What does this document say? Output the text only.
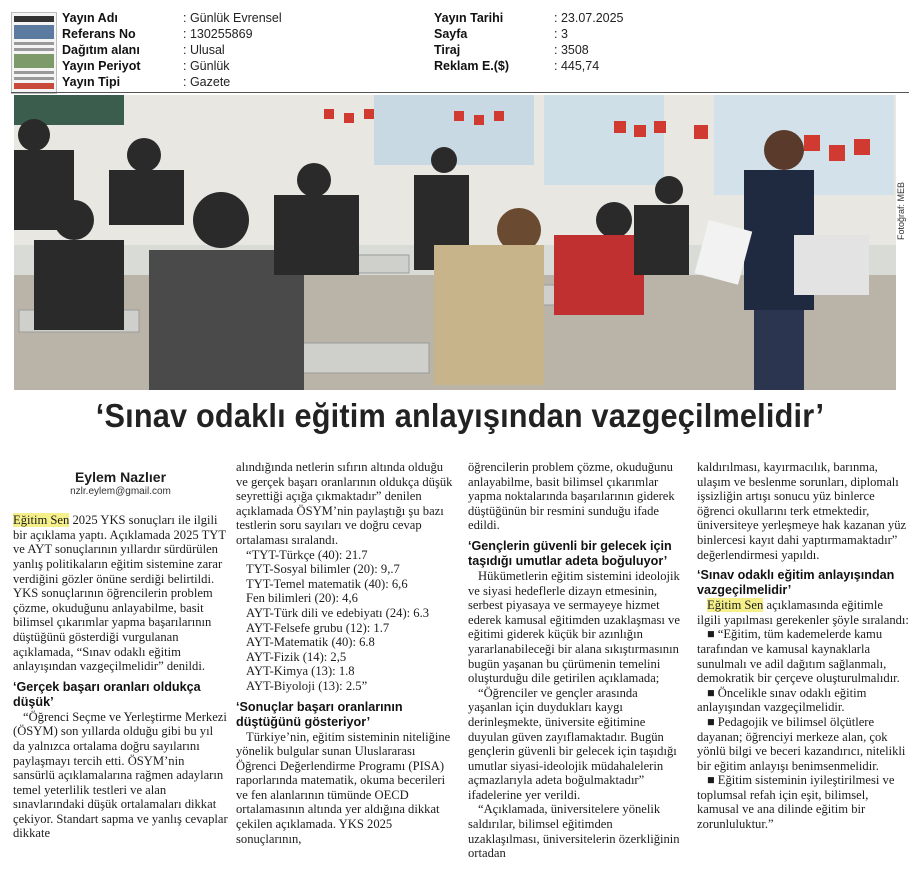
Yayın Adı
Referans No
Dağıtım alanı
Yayın Periyot
Yayın Tipi
: Günlük Evrensel
: 130255869
: Ulusal
: Günlük
: Gazete
Yayın Tarihi
Sayfa
Tiraj
Reklam E.($)
: 23.07.2025
: 3
: 3508
: 445,74
Fotoğraf: MEB
‘Sınav odaklı eğitim anlayışından vazgeçilmelidir’
Eylem Nazlıer
nzlr.eylem@gmail.com

Eğitim Sen 2025 YKS sonuçları ile ilgili bir açıklama yaptı. Açıklamada 2025 TYT ve AYT sonuçlarının yıllardır sürdürülen yanlış politikaların eğitim sistemine zarar verdiğini gözler önüne serdiği belirtildi. YKS sonuçlarının öğrencilerin problem çözme, okuduğunu anlayabilme, basit bilimsel çıkarımlar yapma başarılarının düştüğünü gösterdiği vurgulanan açıklamada, “Sınav odaklı eğitim anlayışından vazgeçilmelidir” denildi.

‘Gerçek başarı oranları oldukça düşük’

“Öğrenci Seçme ve Yerleştirme Merkezi (ÖSYM) son yıllarda olduğu gibi bu yıl da yalnızca ortalama doğru sayılarını paylaşmayı tercih etti. ÖSYM’nin sansürlü açıklamalarına rağmen adayların temel yeterlilik testleri ve alan sınavlarındaki düşük ortalamaları dikkat çekiyor. Standart sapma ve yanlış cevaplar dikkate

alındığında netlerin sıfırın altında olduğu ve gerçek başarı oranlarının oldukça düşük seyrettiği açığa çıkmaktadır” denilen açıklamada ÖSYM’nin paylaştığı şu bazı testlerin soru sayıları ve doğru cevap ortalaması sıralandı.

“TYT-Türkçe (40): 21.7

TYT-Sosyal bilimler (20): 9,.7

TYT-Temel matematik (40): 6,6

Fen bilimleri (20): 4,6

AYT-Türk dili ve edebiyatı (24): 6.3

AYT-Felsefe grubu (12): 1.7

AYT-Matematik (40): 6.8

AYT-Fizik (14): 2,5

AYT-Kimya (13): 1.8

AYT-Biyoloji (13): 2.5”

‘Sonuçlar başarı oranlarının düştüğünü gösteriyor’

Türkiye’nin, eğitim sisteminin niteliğine yönelik bulgular sunan Uluslararası Öğrenci Değerlendirme Programı (PISA) raporlarında matematik, okuma becerileri ve fen alanlarının tümünde OECD ortalamasının altında yer aldığına dikkat çekilen açıklamada. YKS 2025 sonuçlarının,

öğrencilerin problem çözme, okuduğunu anlayabilme, basit bilimsel çıkarımlar yapma noktalarında başarılarının giderek düştüğünün bir resmini sunduğu ifade edildi.

‘Gençlerin güvenli bir gelecek için taşıdığı umutlar adeta boğuluyor’

Hükümetlerin eğitim sistemini ideolojik ve siyasi hedeflerle dizayn etmesinin, serbest piyasaya ve sermayeye hizmet ederek kamusal eğitimden uzaklaşması ve eğitimi giderek küçük bir azınlığın yararlanabileceği bir alana sıkıştırmasının bugün yaşanan bu çürümenin temelini oluşturduğu dile getirilen açıklamada;

“Öğrenciler ve gençler arasında yaşanlan için duydukları kaygı derinleşmekte, üniversite eğitimine duyulan güven zayıflamaktadır. Bugün gençlerin güvenli bir gelecek için taşıdığı umutlar siyasi-ideolojik müdahalelerin açmazlarıyla adeta boğulmaktadır” ifadelerine yer verildi.

“Açıklamada, üniversitelere yönelik saldırılar, bilimsel eğitimden uzaklaşılması, üniversitelerin özerkliğinin ortadan

kaldırılması, kayırmacılık, barınma, ulaşım ve beslenme sorunları, diplomalı işsizliğin artışı sonucu yüz binlerce öğrenci okullarını terk etmektedir, üniversiteye yerleşmeye hak kazanan yüz binlercesi kayıt dahi yaptırmamaktadır” değerlendirmesi yapıldı.

‘Sınav odaklı eğitim anlayışından vazgeçilmelidir’

Eğitim Sen açıklamasında eğitimle ilgili yapılması gerekenler şöyle sıralandı:

■ “Eğitim, tüm kademelerde kamu tarafından ve kamusal kaynaklarla sunulmalı ve adil dağıtım sağlanmalı, demokratik bir çerçeve oluşturulmalıdır.

■ Öncelikle sınav odaklı eğitim anlayışından vazgeçilmelidir.

■ Pedagojik ve bilimsel ölçütlere dayanan; öğrenciyi merkeze alan, çok yönlü bilgi ve beceri kazandırıcı, nitelikli bir eğitim anlayışı benimsenmelidir.

■ Eğitim sisteminin iyileştirilmesi ve toplumsal refah için eşit, bilimsel, kamusal ve ana dilinde eğitim bir zorunluluktur.”
